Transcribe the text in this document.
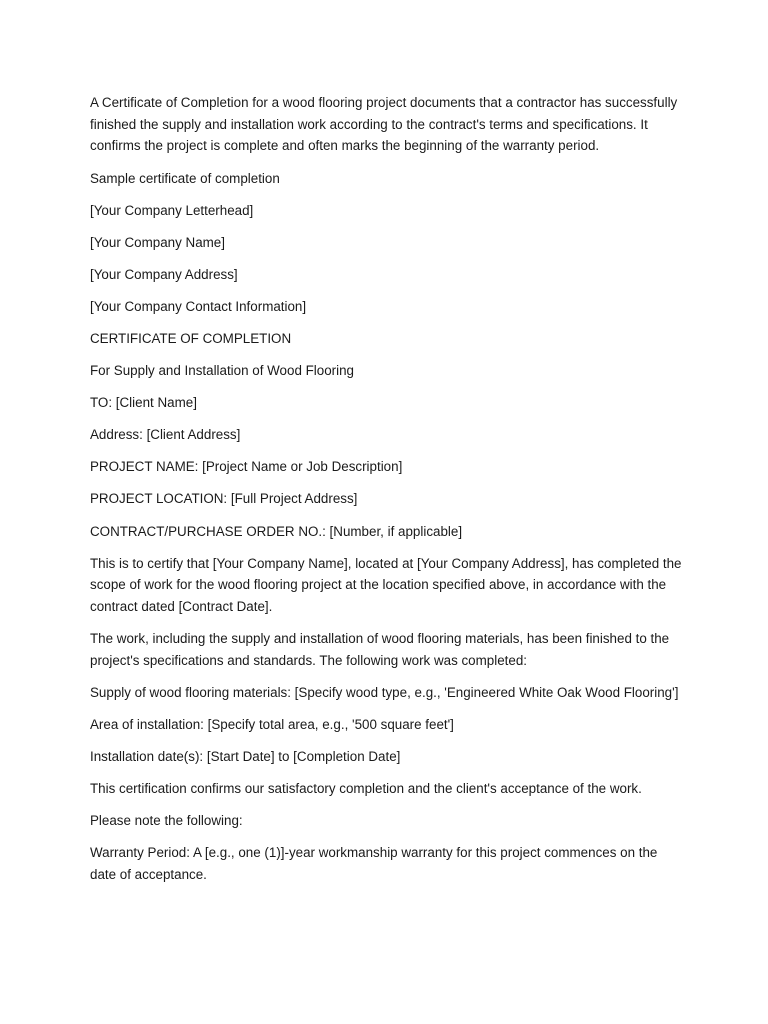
A Certificate of Completion for a wood flooring project documents that a contractor has successfully finished the supply and installation work according to the contract's terms and specifications. It confirms the project is complete and often marks the beginning of the warranty period.

Sample certificate of completion

[Your Company Letterhead]

[Your Company Name]

[Your Company Address]

[Your Company Contact Information]

CERTIFICATE OF COMPLETION

For Supply and Installation of Wood Flooring

TO: [Client Name]

Address: [Client Address]

PROJECT NAME: [Project Name or Job Description]

PROJECT LOCATION: [Full Project Address]

CONTRACT/PURCHASE ORDER NO.: [Number, if applicable]

This is to certify that [Your Company Name], located at [Your Company Address], has completed the scope of work for the wood flooring project at the location specified above, in accordance with the contract dated [Contract Date].

The work, including the supply and installation of wood flooring materials, has been finished to the project's specifications and standards. The following work was completed:

Supply of wood flooring materials: [Specify wood type, e.g., 'Engineered White Oak Wood Flooring']

Area of installation: [Specify total area, e.g., '500 square feet']

Installation date(s): [Start Date] to [Completion Date]

This certification confirms our satisfactory completion and the client's acceptance of the work.

Please note the following:

Warranty Period: A [e.g., one (1)]-year workmanship warranty for this project commences on the date of acceptance.
